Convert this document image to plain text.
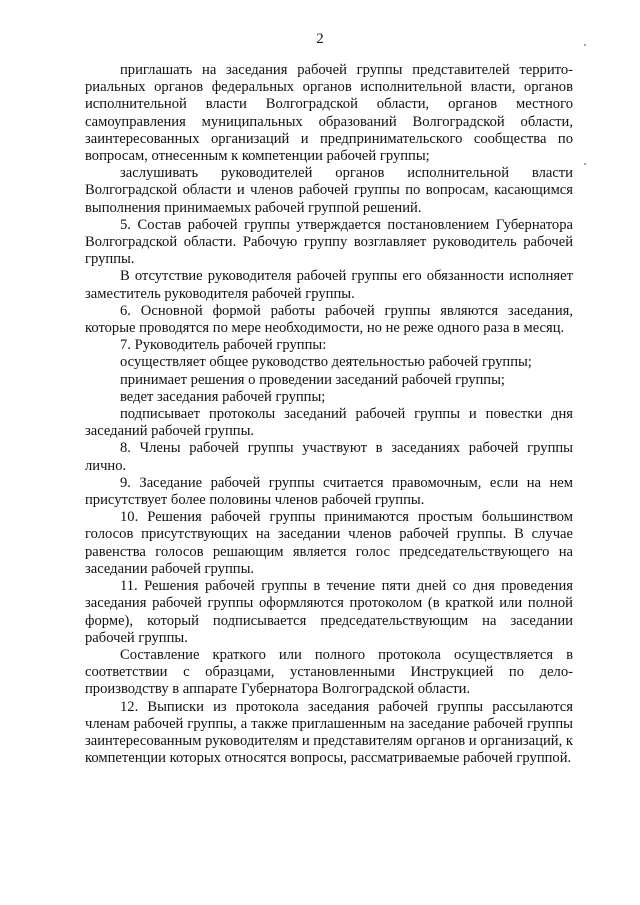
2

приглашать на заседания рабочей группы представителей террито-риальных органов федеральных органов исполнительной власти, органов исполнительной власти Волгоградской области, органов местного самоуправления муниципальных образований Волгоградской области, заинтересованных организаций и предпринимательского сообщества по вопросам, отнесенным к компетенции рабочей группы;

заслушивать руководителей органов исполнительной власти Волгоградской области и членов рабочей группы по вопросам, касающимся выполнения принимаемых рабочей группой решений.

5. Состав рабочей группы утверждается постановлением Губернатора Волгоградской области. Рабочую группу возглавляет руководитель рабочей группы.

В отсутствие руководителя рабочей группы его обязанности исполняет заместитель руководителя рабочей группы.

6. Основной формой работы рабочей группы являются заседания, которые проводятся по мере необходимости, но не реже одного раза в месяц.

7. Руководитель рабочей группы:

осуществляет общее руководство деятельностью рабочей группы;

принимает решения о проведении заседаний рабочей группы;

ведет заседания рабочей группы;

подписывает протоколы заседаний рабочей группы и повестки дня заседаний рабочей группы.

8. Члены рабочей группы участвуют в заседаниях рабочей группы лично.

9. Заседание рабочей группы считается правомочным, если на нем присутствует более половины членов рабочей группы.

10. Решения рабочей группы принимаются простым большинством голосов присутствующих на заседании членов рабочей группы. В случае равенства голосов решающим является голос председательствующего на заседании рабочей группы.

11. Решения рабочей группы в течение пяти дней со дня проведения заседания рабочей группы оформляются протоколом (в краткой или полной форме), который подписывается председательствующим на заседании рабочей группы.

Составление краткого или полного протокола осуществляется в соответствии с образцами, установленными Инструкцией по дело-производству в аппарате Губернатора Волгоградской области.

12. Выписки из протокола заседания рабочей группы рассылаются членам рабочей группы, а также приглашенным на заседание рабочей группы заинтересованным руководителям и представителям органов и организаций, к компетенции которых относятся вопросы, рассматриваемые рабочей группой.
